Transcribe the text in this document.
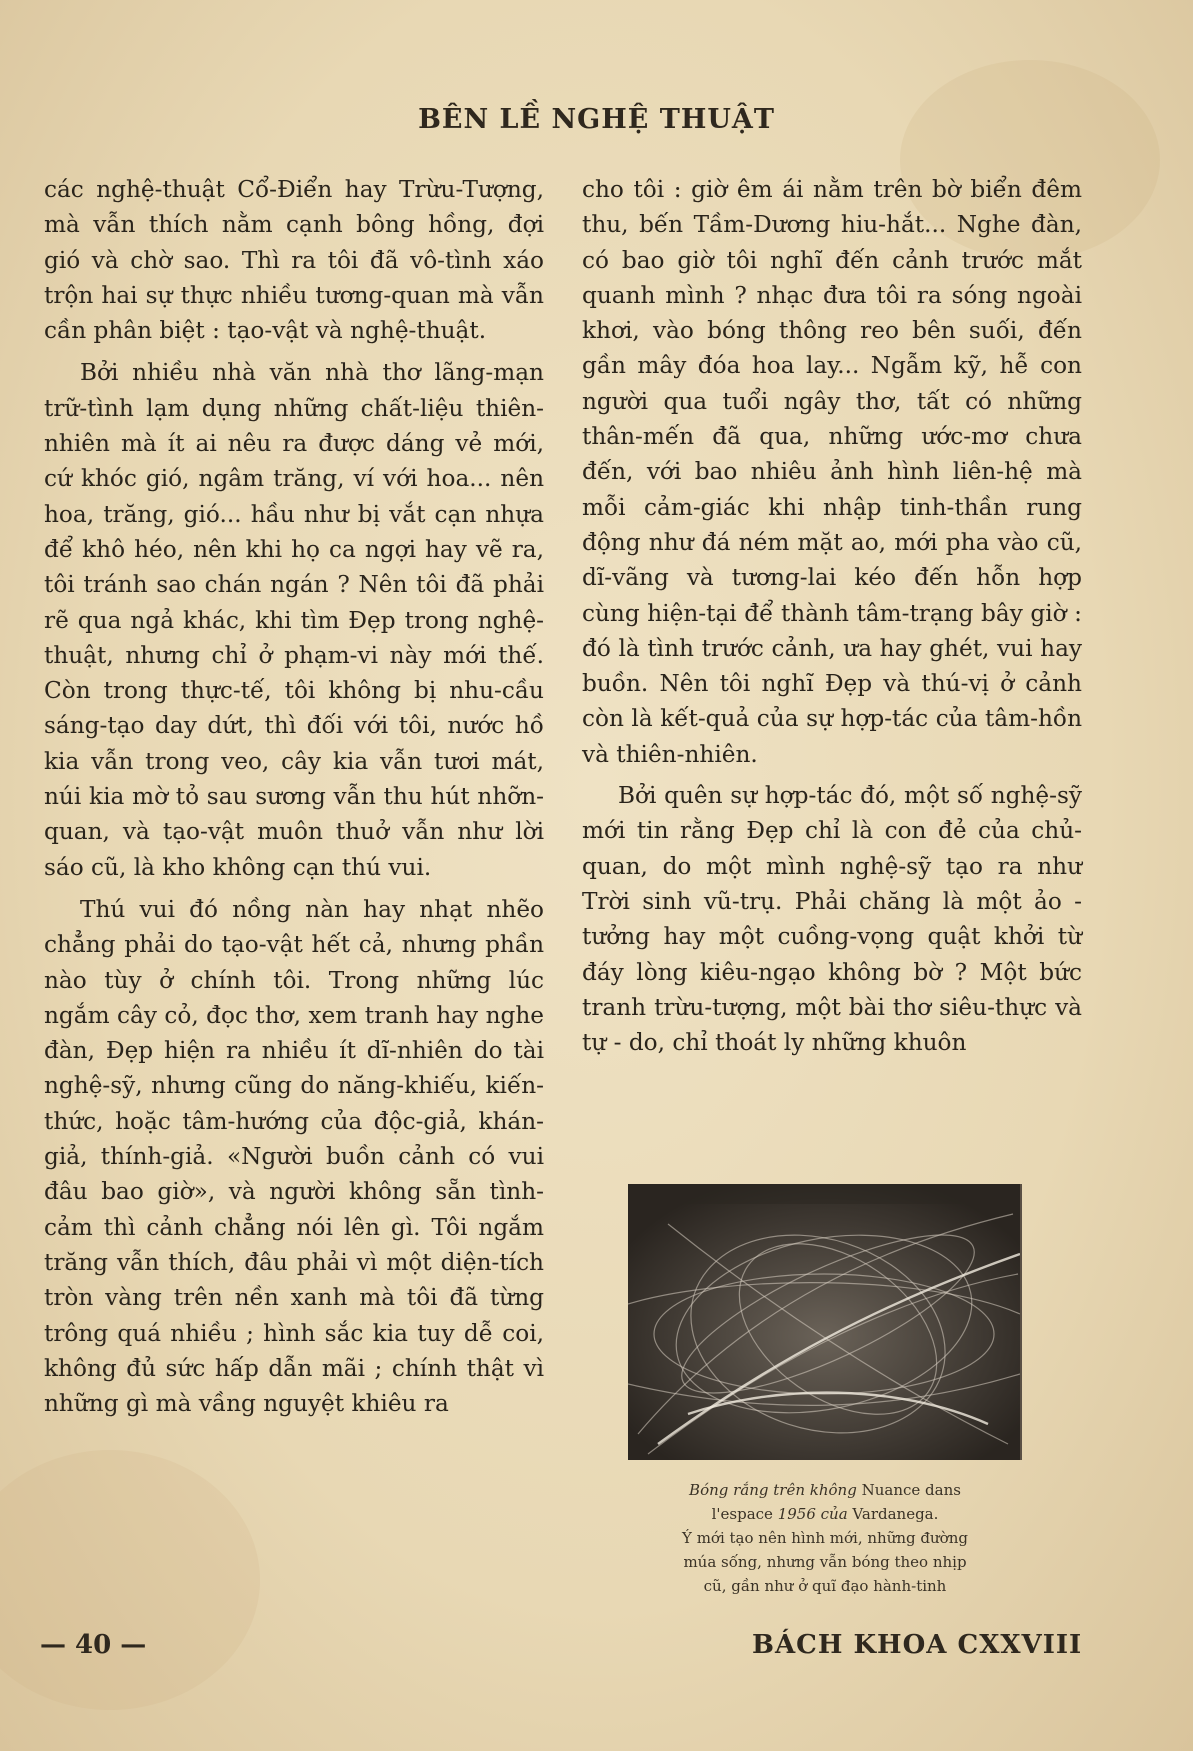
BÊN LỀ NGHỆ THUẬT

các nghệ-thuật Cổ-Điển hay Trừu-Tượng, mà vẫn thích nằm cạnh bông hồng, đợi gió và chờ sao. Thì ra tôi đã vô-tình xáo trộn hai sự thực nhiều tương-quan mà vẫn cần phân biệt : tạo-vật và nghệ-thuật.

Bởi nhiều nhà văn nhà thơ lãng-mạn trữ-tình lạm dụng những chất-liệu thiên-nhiên mà ít ai nêu ra được dáng vẻ mới, cứ khóc gió, ngâm trăng, ví với hoa... nên hoa, trăng, gió... hầu như bị vắt cạn nhựa để khô héo, nên khi họ ca ngợi hay vẽ ra, tôi tránh sao chán ngán ? Nên tôi đã phải rẽ qua ngả khác, khi tìm Đẹp trong nghệ-thuật, nhưng chỉ ở phạm-vi này mới thế. Còn trong thực-tế, tôi không bị nhu-cầu sáng-tạo day dứt, thì đối với tôi, nước hồ kia vẫn trong veo, cây kia vẫn tươi mát, núi kia mờ tỏ sau sương vẫn thu hút nhỡn-quan, và tạo-vật muôn thuở vẫn như lời sáo cũ, là kho không cạn thú vui.

Thú vui đó nồng nàn hay nhạt nhẽo chẳng phải do tạo-vật hết cả, nhưng phần nào tùy ở chính tôi. Trong những lúc ngắm cây cỏ, đọc thơ, xem tranh hay nghe đàn, Đẹp hiện ra nhiều ít dĩ-nhiên do tài nghệ-sỹ, nhưng cũng do năng-khiếu, kiến-thức, hoặc tâm-hướng của độc-giả, khán-giả, thính-giả. «Người buồn cảnh có vui đâu bao giờ», và người không sẵn tình-cảm thì cảnh chẳng nói lên gì. Tôi ngắm trăng vẫn thích, đâu phải vì một diện-tích tròn vàng trên nền xanh mà tôi đã từng trông quá nhiều ; hình sắc kia tuy dễ coi, không đủ sức hấp dẫn mãi ; chính thật vì những gì mà vầng nguyệt khiêu ra

cho tôi : giờ êm ái nằm trên bờ biển đêm thu, bến Tầm-Dương hiu-hắt... Nghe đàn, có bao giờ tôi nghĩ đến cảnh trước mắt quanh mình ? nhạc đưa tôi ra sóng ngoài khơi, vào bóng thông reo bên suối, đến gần mây đóa hoa lay... Ngẫm kỹ, hễ con người qua tuổi ngây thơ, tất có những thân-mến đã qua, những ước-mơ chưa đến, với bao nhiêu ảnh hình liên-hệ mà mỗi cảm-giác khi nhập tinh-thần rung động như đá ném mặt ao, mới pha vào cũ, dĩ-vãng và tương-lai kéo đến hỗn hợp cùng hiện-tại để thành tâm-trạng bây giờ : đó là tình trước cảnh, ưa hay ghét, vui hay buồn. Nên tôi nghĩ Đẹp và thú-vị ở cảnh còn là kết-quả của sự hợp-tác của tâm-hồn và thiên-nhiên.

Bởi quên sự hợp-tác đó, một số nghệ-sỹ mới tin rằng Đẹp chỉ là con đẻ của chủ-quan, do một mình nghệ-sỹ tạo ra như Trời sinh vũ-trụ. Phải chăng là một ảo - tưởng hay một cuồng-vọng quật khởi từ đáy lòng kiêu-ngạo không bờ ? Một bức tranh trừu-tượng, một bài thơ siêu-thực và tự - do, chỉ thoát ly những khuôn

Bóng rắng trên không Nuance dans
l'espace 1956 của Vardanega.
Ý mới tạo nên hình mới, những đường
múa sống, nhưng vẫn bóng theo nhịp
cũ, gần như ở quĩ đạo hành-tinh
— 40 —	BÁCH KHOA CXXVIII
